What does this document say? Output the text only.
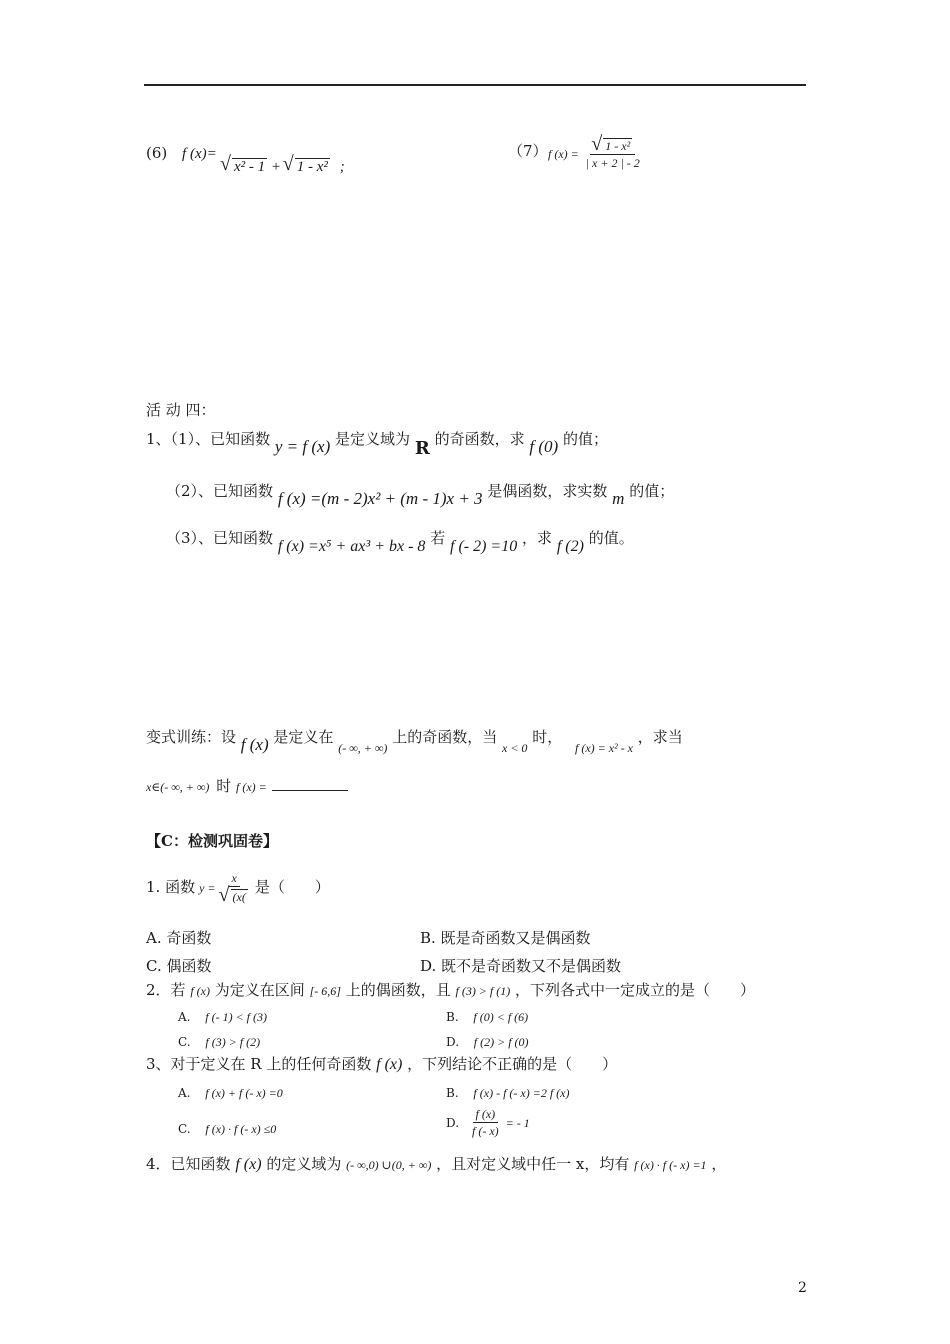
(6) f (x)=
√ x² - 1 + √ 1 - x² ;
（7） f (x) = √ $\frac{\text{1 - x²}}{| x + 2 | - 2}$
活 动 四：
1、（1）、已知函数 y = f (x) 是定义域为 R 的奇函数，求 f (0) 的值；
（2）、已知函数 f (x) =(m - 2)x² + (m - 1)x + 3 是偶函数，求实数 m 的值；
（3）、已知函数 f (x) =x⁵ + ax³ + bx - 8 若 f (- 2) =10 ，求 f (2) 的值。
变式训练：设 f (x) 是定义在 $_{(- \infty, + \infty)}$ 上的奇函数，当 $_{x < 0}$ 时， $_{f (x) = x^2 - x}$ ，求当
x∈(- ∞, + ∞) 时 f (x) =
【C：检测巩固卷】
1. 函数 y = x
√ (x( 是（　　）
A. 奇函数	B. 既是奇函数又是偶函数
C. 偶函数	D. 既不是奇函数又不是偶函数
2．若 f (x) 为定义在区间 [- 6,6] 上的偶函数，且 f (3) > f (1) ，下列各式中一定成立的是（　　）
A. f (- 1) < f (3)	B. f (0) < f (6)
C. f (3) > f (2)	D. f (2) > f (0)
3、对于定义在 R 上的任何奇函数 f (x) ，下列结论不正确的是（　　）
A. f (x) + f (- x) =0	B. f (x) - f (- x) =2 f (x)
C. f (x) · f (- x) ≤0	D. $\frac{f (x)}{f (- x)}$ = - 1
4．已知函数 f (x) 的定义域为 (- ∞,0) ∪(0, + ∞) ，且对定义域中任一 x，均有 f (x) · f (- x) =1 ，
2
